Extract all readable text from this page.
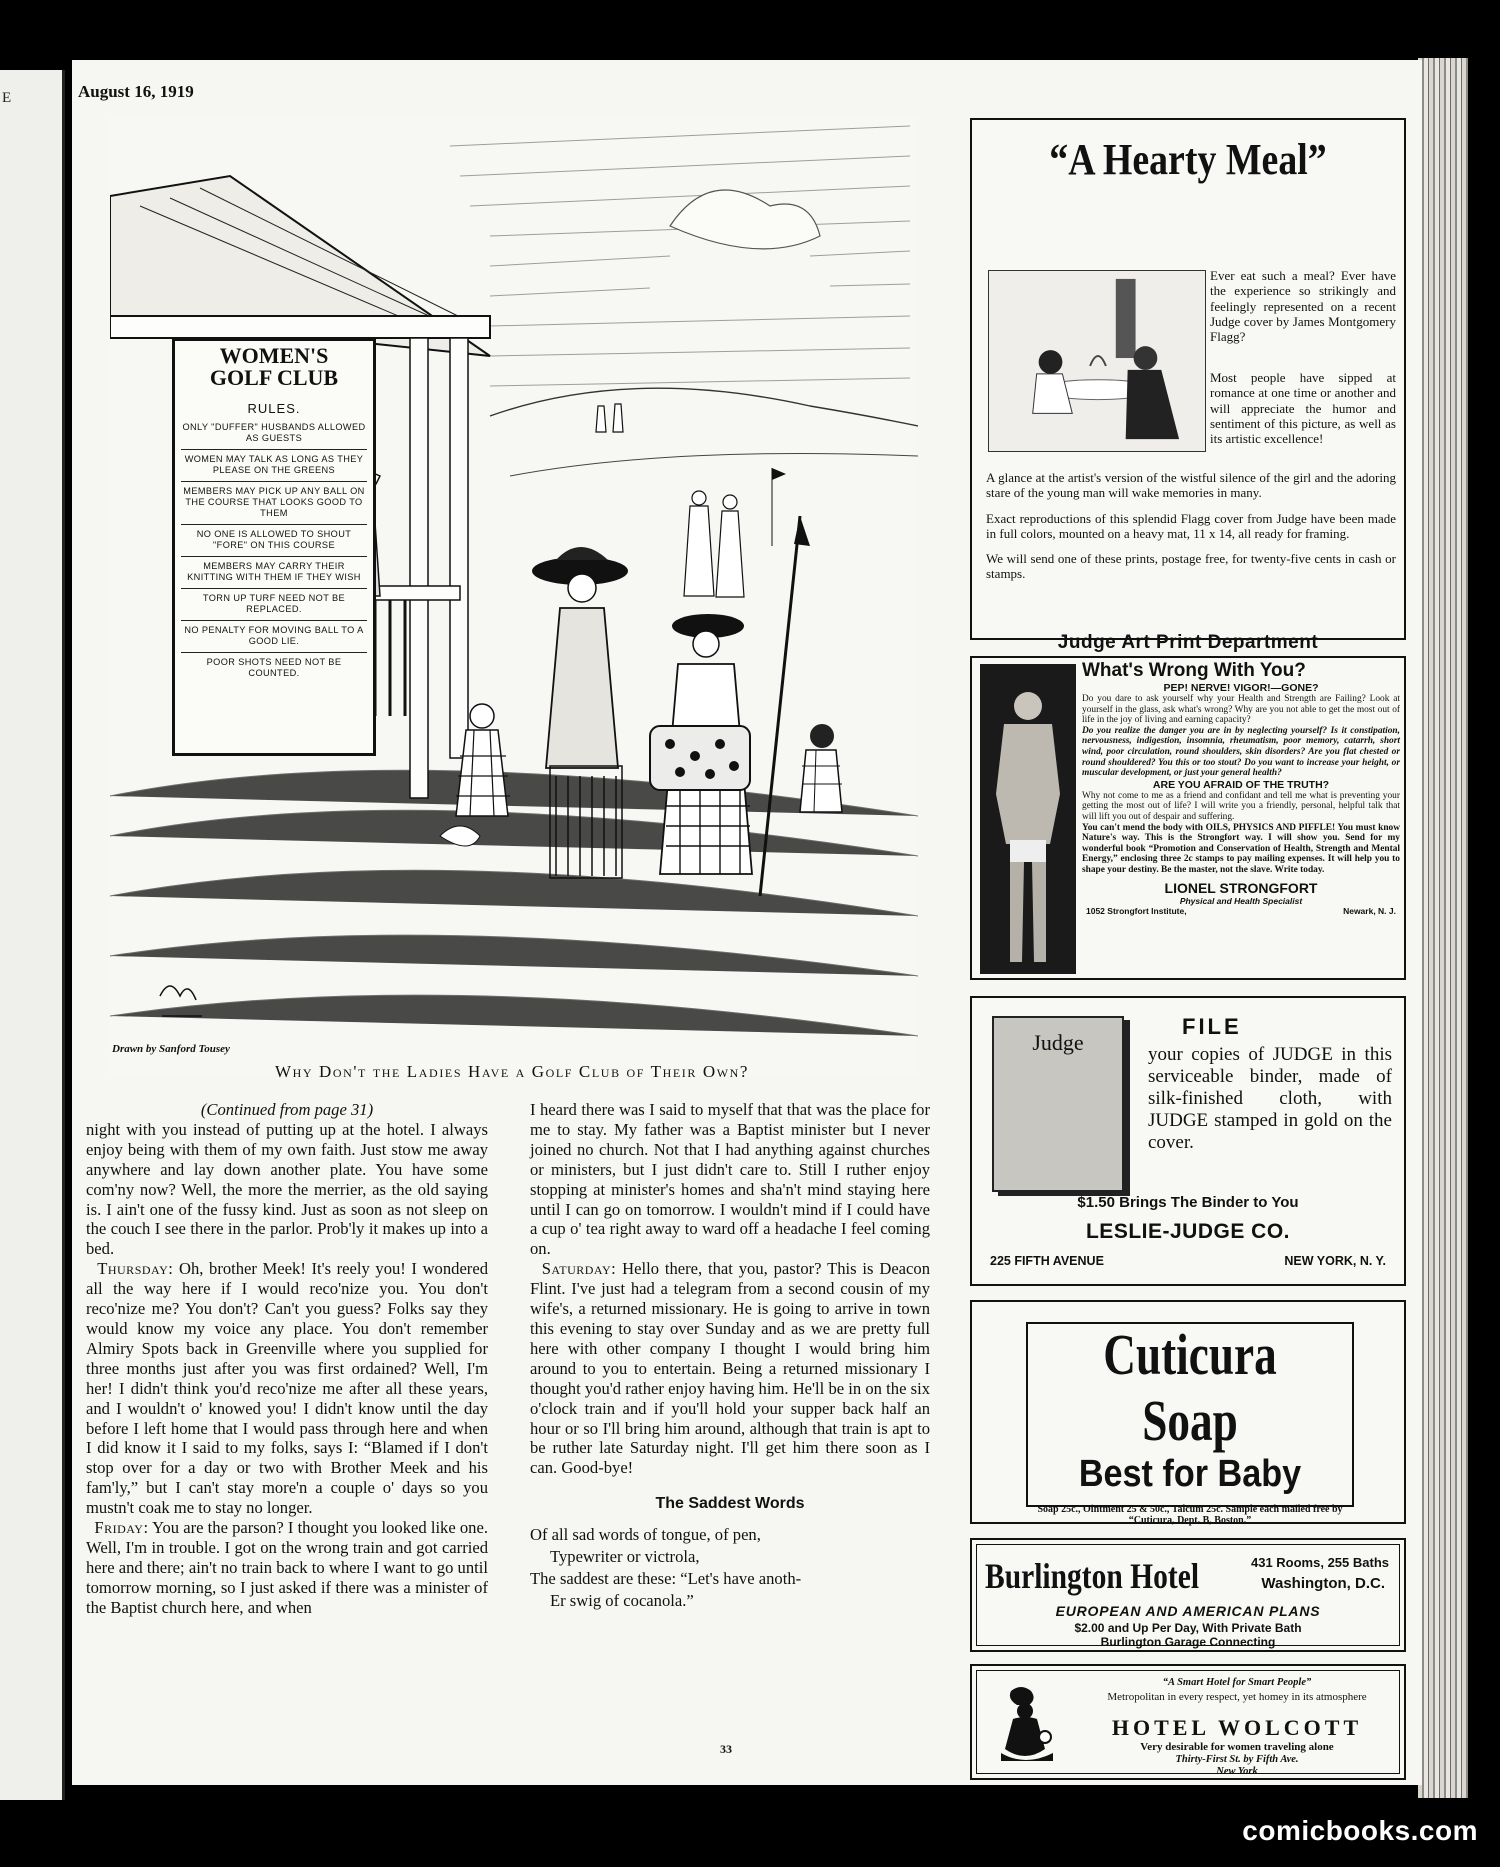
E	August 16, 1919
WOMEN'S
GOLF CLUB
RULES.
ONLY "DUFFER" HUSBANDS ALLOWED AS GUESTS
WOMEN MAY TALK AS LONG AS THEY PLEASE ON THE GREENS
MEMBERS MAY PICK UP ANY BALL ON THE COURSE THAT LOOKS GOOD TO THEM
NO ONE IS ALLOWED TO SHOUT "FORE" ON THIS COURSE
MEMBERS MAY CARRY THEIR KNITTING WITH THEM IF THEY WISH
TORN UP TURF NEED NOT BE REPLACED.
NO PENALTY FOR MOVING BALL TO A GOOD LIE.
POOR SHOTS NEED NOT BE COUNTED.
Drawn by Sanford Tousey
Why Don't the Ladies Have a Golf Club of Their Own?

(Continued from page 31)

night with you instead of putting up at the hotel. I always enjoy being with them of my own faith. Just stow me away anywhere and lay down another plate. You have some com'ny now? Well, the more the merrier, as the old saying is. I ain't one of the fussy kind. Just as soon as not sleep on the couch I see there in the parlor. Prob'ly it makes up into a bed.

Thursday: Oh, brother Meek! It's reely you! I wondered all the way here if I would reco'nize you. You don't reco'nize me? You don't? Can't you guess? Folks say they would know my voice any place. You don't remember Almiry Spots back in Greenville where you supplied for three months just after you was first ordained? Well, I'm her! I didn't think you'd reco'nize me after all these years, and I wouldn't o' knowed you! I didn't know until the day before I left home that I would pass through here and when I did know it I said to my folks, says I: “Blamed if I don't stop over for a day or two with Brother Meek and his fam'ly,” but I can't stay more'n a couple o' days so you mustn't coak me to stay no longer.

Friday: You are the parson? I thought you looked like one. Well, I'm in trouble. I got on the wrong train and got carried here and there; ain't no train back to where I want to go until tomorrow morning, so I just asked if there was a minister of the Baptist church here, and when

I heard there was I said to myself that that was the place for me to stay. My father was a Baptist minister but I never joined no church. Not that I had anything against churches or ministers, but I just didn't care to. Still I ruther enjoy stopping at minister's homes and sha'n't mind staying here until I can go on tomorrow. I wouldn't mind if I could have a cup o' tea right away to ward off a headache I feel coming on.

Saturday: Hello there, that you, pastor? This is Deacon Flint. I've just had a telegram from a second cousin of my wife's, a returned missionary. He is going to arrive in town this evening to stay over Sunday and as we are pretty full here with other company I thought I would bring him around to you to entertain. Being a returned missionary I thought you'd rather enjoy having him. He'll be in on the six o'clock train and if you'll hold your supper back half an hour or so I'll bring him around, although that train is apt to be ruther late Saturday night. I'll get him there soon as I can. Good-bye!

The Saddest Words
Of all sad words of tongue, of pen,
Typewriter or victrola,
The saddest are these: “Let's have anoth-
Er swig of cocanola.”
33
“A Hearty Meal”
Ever eat such a meal? Ever have the experience so strikingly and feelingly represented on a recent Judge cover by James Montgomery Flagg?
Most people have sipped at romance at one time or another and will appreciate the humor and sentiment of this picture, as well as its artistic excellence!

A glance at the artist's version of the wistful silence of the girl and the adoring stare of the young man will wake memories in many.

Exact reproductions of this splendid Flagg cover from Judge have been made in full colors, mounted on a heavy mat, 11 x 14, all ready for framing.

We will send one of these prints, postage free, for twenty-five cents in cash or stamps.

Judge Art Print Department
What's Wrong With You?
PEP! NERVE! VIGOR!—GONE?

Do you dare to ask yourself why your Health and Strength are Failing? Look at yourself in the glass, ask what's wrong? Why are you not able to get the most out of life in the joy of living and earning capacity?

Do you realize the danger you are in by neglecting yourself? Is it constipation, nervousness, indigestion, insomnia, rheumatism, poor memory, catarrh, short wind, poor circulation, round shoulders, skin disorders? Are you flat chested or round shouldered? You this or too stout? Do you want to increase your height, or muscular development, or just your general health?

ARE YOU AFRAID OF THE TRUTH?

Why not come to me as a friend and confidant and tell me what is preventing your getting the most out of life? I will write you a friendly, personal, helpful talk that will lift you out of despair and suffering.

You can't mend the body with OILS, PHYSICS AND PIFFLE! You must know Nature's way. This is the Strongfort way. I will show you. Send for my wonderful book “Promotion and Conservation of Health, Strength and Mental Energy,” enclosing three 2c stamps to pay mailing expenses. It will help you to shape your destiny. Be the master, not the slave. Write today.

LIONEL STRONGFORT
Physical and Health Specialist
1052 Strongfort Institute,	Newark, N. J.
Judge
FILE
your copies of JUDGE in this serviceable binder, made of silk-finished cloth, with JUDGE stamped in gold on the cover.
$1.50 Brings The Binder to You
LESLIE-JUDGE CO.
225 FIFTH AVENUE	NEW YORK, N. Y.
Cuticura Soap
Best for Baby
Soap 25c., Ointment 25 & 50c., Talcum 25c. Sample each mailed free by “Cuticura, Dept. B, Boston.”
Burlington Hotel	431 Rooms, 255 Baths
Washington, D.C.
EUROPEAN AND AMERICAN PLANS
$2.00 and Up Per Day, With Private Bath
Burlington Garage Connecting
“A Smart Hotel for Smart People”
Metropolitan in every respect, yet homey in its atmosphere
HOTEL WOLCOTT
Very desirable for women traveling alone
Thirty-First St. by Fifth Ave.
New York
comicbooks.com
